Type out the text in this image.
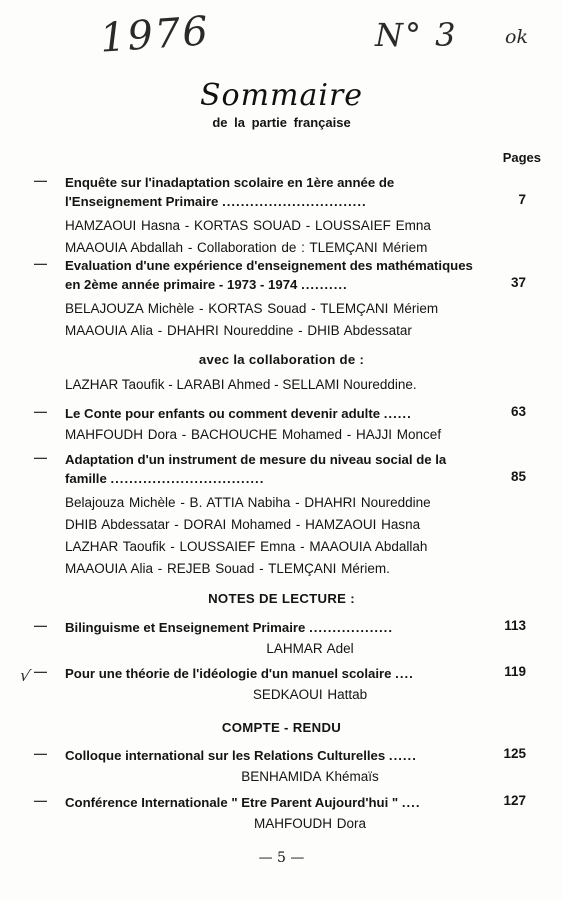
1976	N° 3 ok
Sommaire
de la partie française
Pages
— Enquête sur l'inadaptation scolaire en 1ère année de l'Enseignement Primaire ...............................	7
HAMZAOUI Hasna - KORTAS SOUAD - LOUSSAIEF Emna
MAAOUIA Abdallah - Collaboration de : TLEMÇANI Mériem
— Evaluation d'une expérience d'enseignement des mathématiques en 2ème année primaire - 1973 - 1974 ..........	37
BELAJOUZA Michèle - KORTAS Souad - TLEMÇANI Mériem
MAAOUIA Alia - DHAHRI Noureddine - DHIB Abdessatar
avec la collaboration de :
LAZHAR Taoufik - LARABI Ahmed - SELLAMI Noureddine.
— Le Conte pour enfants ou comment devenir adulte ......	63
MAHFOUDH Dora - BACHOUCHE Mohamed - HAJJI Moncef
— Adaptation d'un instrument de mesure du niveau social de la famille .................................	85
Belajouza Michèle - B. ATTIA Nabiha - DHAHRI Noureddine
DHIB Abdessatar - DORAI Mohamed - HAMZAOUI Hasna
LAZHAR Taoufik - LOUSSAIEF Emna - MAAOUIA Abdallah
MAAOUIA Alia - REJEB Souad - TLEMÇANI Mériem.
NOTES DE LECTURE :
— Bilinguisme et Enseignement Primaire ..................	113
LAHMAR Adel
√ — Pour une théorie de l'idéologie d'un manuel scolaire ....	119
SEDKAOUI Hattab
COMPTE - RENDU
— Colloque international sur les Relations Culturelles ......	125
BENHAMIDA Khémaïs
— Conférence Internationale " Etre Parent Aujourd'hui " ....	127
MAHFOUDH Dora
— 5 —
